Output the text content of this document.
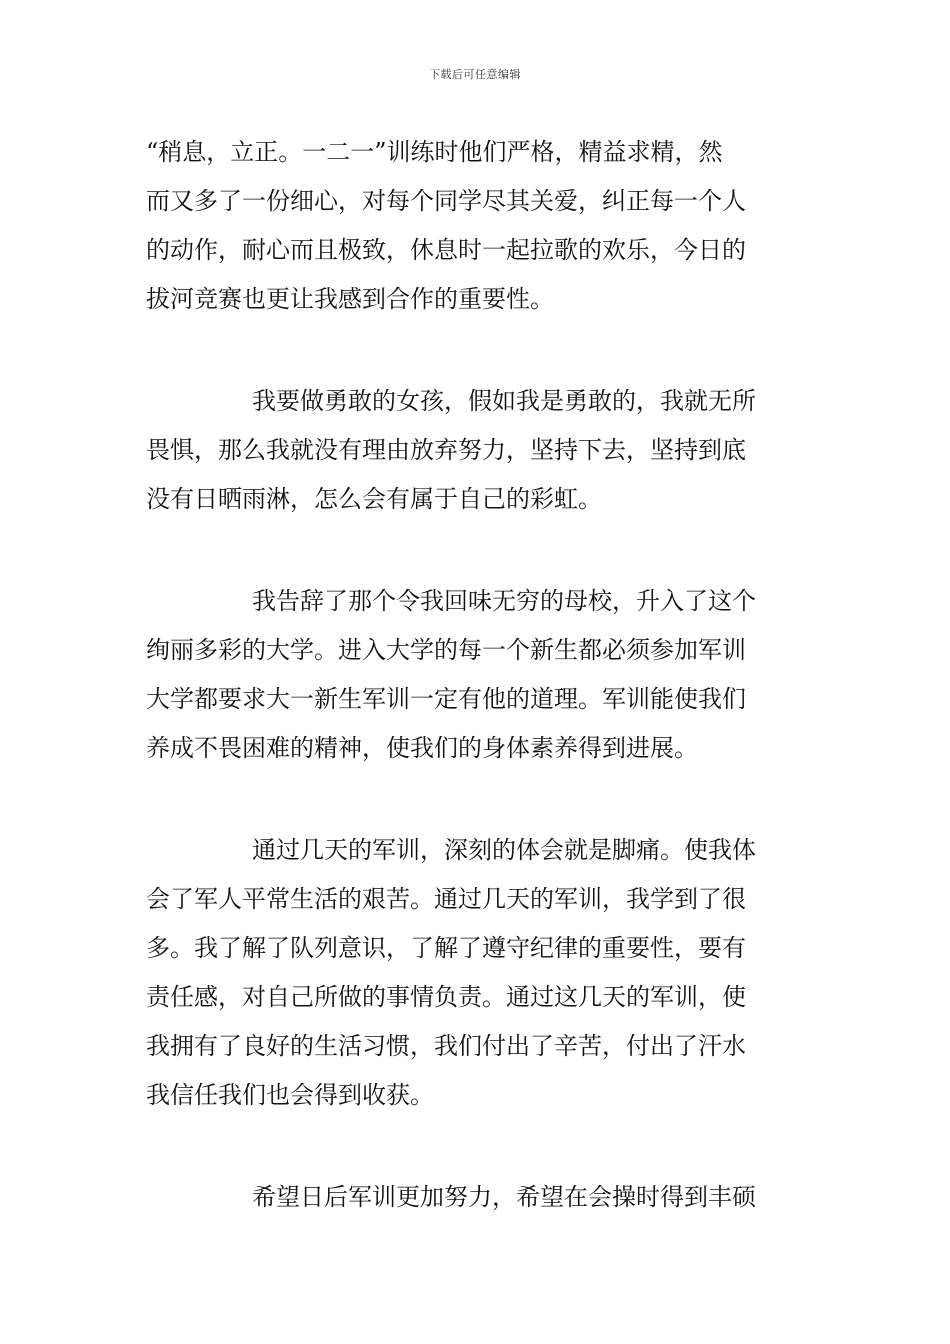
下载后可任意编辑
“稍息，立正。一二一”训练时他们严格，精益求精，然
而又多了一份细心，对每个同学尽其关爱，纠正每一个人
的动作，耐心而且极致，休息时一起拉歌的欢乐，今日的
拔河竞赛也更让我感到合作的重要性。
我要做勇敢的女孩，假如我是勇敢的，我就无所
畏惧，那么我就没有理由放弃努力，坚持下去，坚持到底
没有日晒雨淋，怎么会有属于自己的彩虹。
我告辞了那个令我回味无穷的母校，升入了这个
绚丽多彩的大学。进入大学的每一个新生都必须参加军训
大学都要求大一新生军训一定有他的道理。军训能使我们
养成不畏困难的精神，使我们的身体素养得到进展。
通过几天的军训，深刻的体会就是脚痛。使我体
会了军人平常生活的艰苦。通过几天的军训，我学到了很
多。我了解了队列意识，了解了遵守纪律的重要性，要有
责任感，对自己所做的事情负责。通过这几天的军训，使
我拥有了良好的生活习惯，我们付出了辛苦，付出了汗水
我信任我们也会得到收获。
希望日后军训更加努力，希望在会操时得到丰硕
